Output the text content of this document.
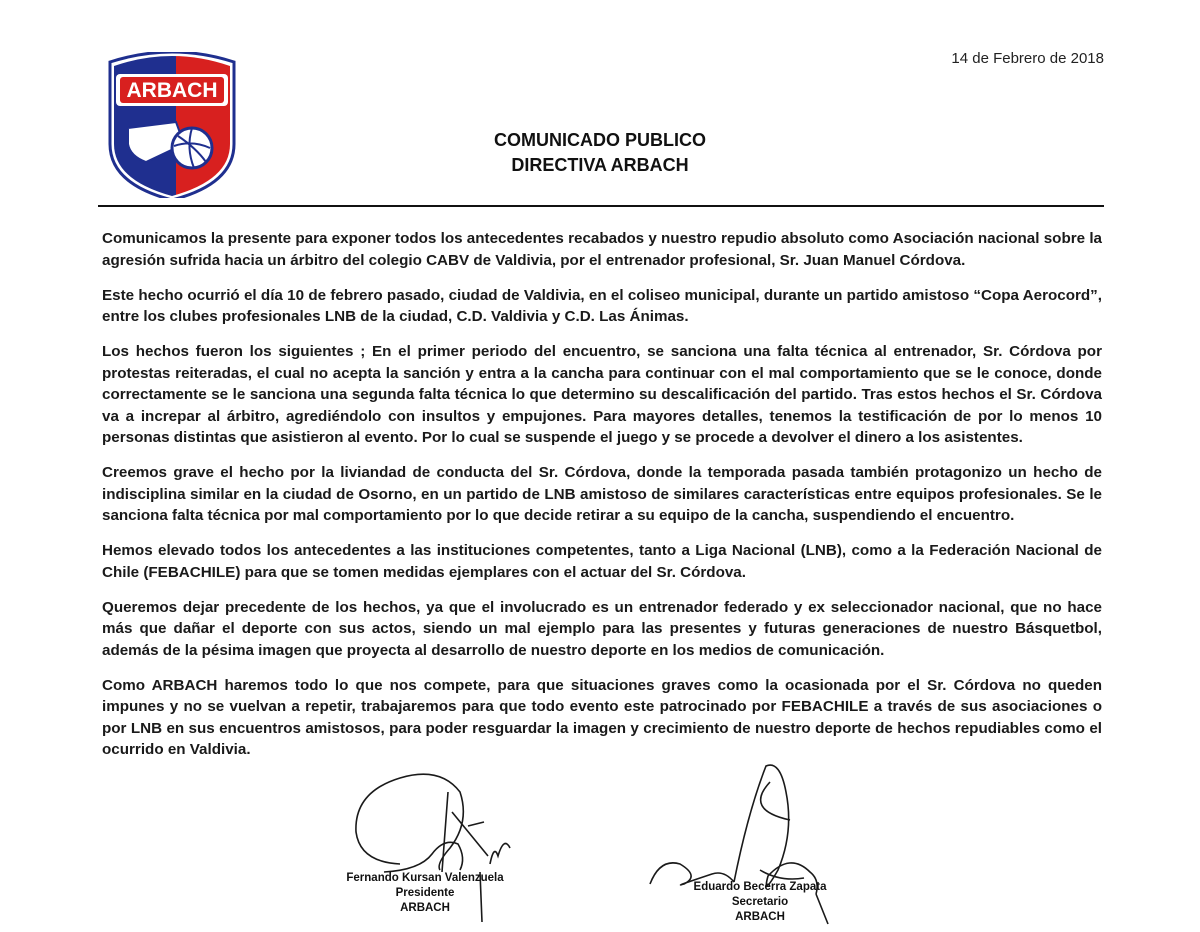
ARBACH
14 de Febrero de 2018
COMUNICADO PUBLICO
DIRECTIVA ARBACH

Comunicamos la presente para exponer todos los antecedentes recabados y nuestro repudio absoluto como Asociación nacional sobre la agresión sufrida hacia un árbitro del colegio CABV de Valdivia, por el entrenador profesional, Sr. Juan Manuel Córdova.

Este hecho ocurrió el día 10 de febrero pasado, ciudad de Valdivia, en el coliseo municipal, durante un partido amistoso “Copa Aerocord”, entre los clubes profesionales LNB de la ciudad, C.D. Valdivia y C.D. Las Ánimas.

Los hechos fueron los siguientes ; En el primer periodo del encuentro, se sanciona una falta técnica al entrenador, Sr. Córdova por protestas reiteradas, el cual no acepta la sanción y entra a la cancha para continuar con el mal comportamiento que se le conoce, donde correctamente se le sanciona una segunda falta técnica lo que determino su descalificación del partido. Tras estos hechos el Sr. Córdova va a increpar al árbitro, agrediéndolo con insultos y empujones. Para mayores detalles, tenemos la testificación de por lo menos 10 personas distintas que asistieron al evento. Por lo cual se suspende el juego y se procede a devolver el dinero a los asistentes.

Creemos grave el hecho por la liviandad de conducta del Sr. Córdova, donde la temporada pasada también protagonizo un hecho de indisciplina similar en la ciudad de Osorno, en un partido de LNB amistoso de similares características entre equipos profesionales. Se le sanciona falta técnica por mal comportamiento por lo que decide retirar a su equipo de la cancha, suspendiendo el encuentro.

Hemos elevado todos los antecedentes a las instituciones competentes, tanto a Liga Nacional (LNB), como a la Federación Nacional de Chile (FEBACHILE) para que se tomen medidas ejemplares con el actuar del Sr. Córdova.

Queremos dejar precedente de los hechos, ya que el involucrado es un entrenador federado y ex seleccionador nacional, que no hace más que dañar el deporte con sus actos, siendo un mal ejemplo para las presentes y futuras generaciones de nuestro Básquetbol, además de la pésima imagen que proyecta al desarrollo de nuestro deporte en los medios de comunicación.

Como ARBACH haremos todo lo que nos compete, para que situaciones graves como la ocasionada por el Sr. Córdova no queden impunes y no se vuelvan a repetir, trabajaremos para que todo evento este patrocinado por FEBACHILE a través de sus asociaciones o por LNB en sus encuentros amistosos, para poder resguardar la imagen y crecimiento de nuestro deporte de hechos repudiables como el ocurrido en Valdivia.

Fernando Kursan Valenzuela
Presidente
ARBACH
Eduardo Becerra Zapata
Secretario
ARBACH
